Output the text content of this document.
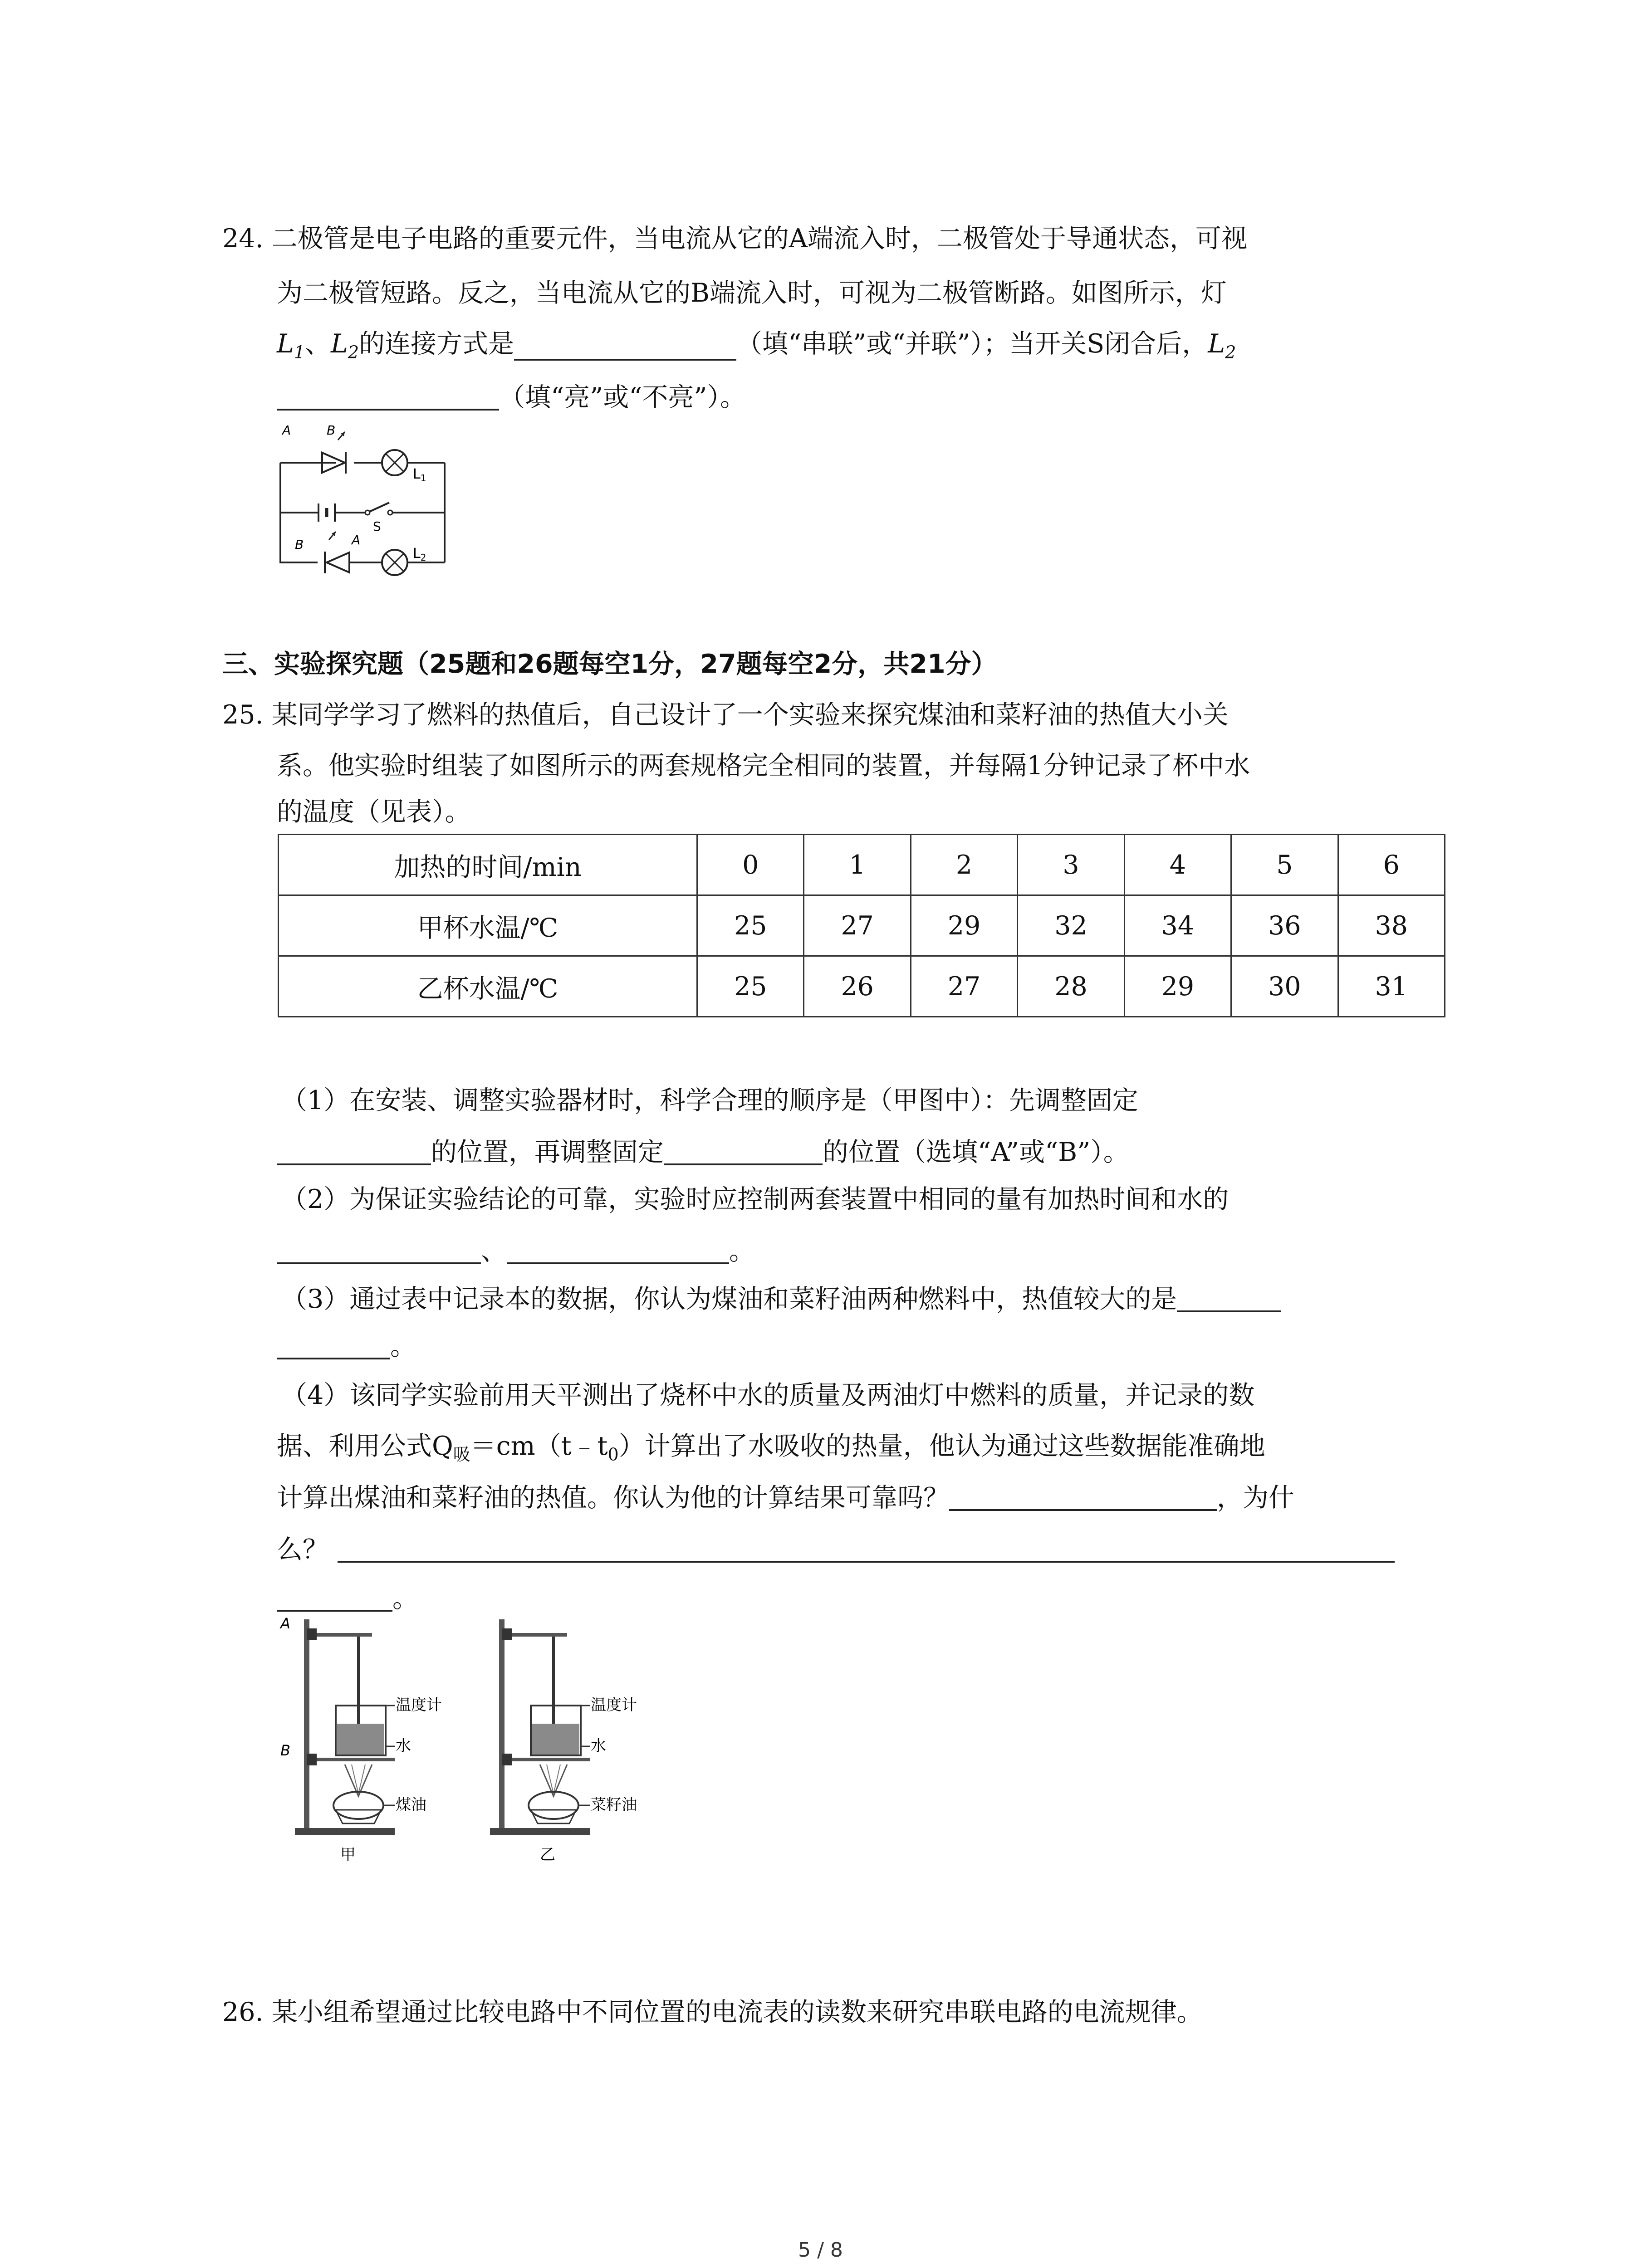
24. 二极管是电子电路的重要元件，当电流从它的A端流入时，二极管处于导通状态，可视
为二极管短路。反之，当电流从它的B端流入时，可视为二极管断路。如图所示，灯
$L_1$、$L_2$的连接方式是	（填“串联”或“并联”）；当开关S闭合后，$L_2$
（填“亮”或“不亮”）。
A	B
$L_1$
S
B	A
$L_2$
三、实验探究题（25题和26题每空1分，27题每空2分，共21分）
25. 某同学学习了燃料的热值后，自己设计了一个实验来探究煤油和菜籽油的热值大小关
系。他实验时组装了如图所示的两套规格完全相同的装置，并每隔1分钟记录了杯中水
的温度（见表）。
加热的时间/min	0	1	2	3	4	5	6
甲杯水温/℃	25	27	29	32	34	36	38
乙杯水温/℃	25	26	27	28	29	30	31
（1）在安装、调整实验器材时，科学合理的顺序是（甲图中）：先调整固定
的位置，再调整固定	的位置（选填“A”或“B”）。
（2）为保证实验结论的可靠，实验时应控制两套装置中相同的量有加热时间和水的
、	。
（3）通过表中记录本的数据，你认为煤油和菜籽油两种燃料中，热值较大的是
。
（4）该同学实验前用天平测出了烧杯中水的质量及两油灯中燃料的质量，并记录的数
据、利用公式$Q_吸=cm(t﹣t_0)$计算出了水吸收的热量，他认为通过这些数据能准确地
计算出煤油和菜籽油的热值。你认为他的计算结果可靠吗？	，为什
么？
。
A
B
温度计
水
煤油
甲
温度计
水
菜籽油
乙
26. 某小组希望通过比较电路中不同位置的电流表的读数来研究串联电路的电流规律。
5 / 8
